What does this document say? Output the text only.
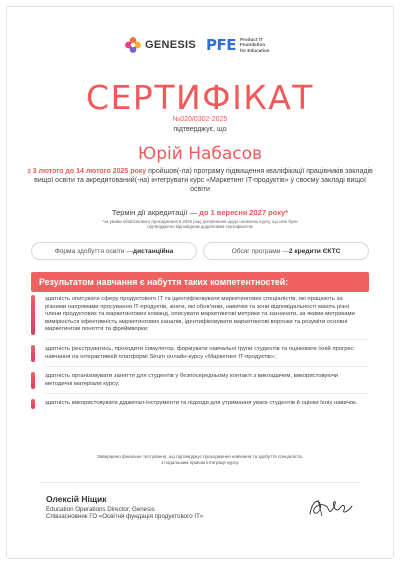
GENESIS PFE Product IT
Foundation
for Education
СЕРТИФІКАТ
№020/0302-2025
підтверджує, що
Юрій Набасов
з 3 лютого до 14 лютого 2025 року пройшов(-ла) програму підвищення кваліфікації працівників закладів вищої освіти та акредитований(-на) інтегрувати курс «Маркетинг IT-продуктів» у своєму закладі вищої освіти
Термін дії акредитації — до 1 вересня 2027 року*
*за умови обов'язкового проходження в 2026 році доповнення щодо оновлень курсу, що нею були підтверджено відповідним додатковим сертифікатом
Форма здобуття освіти — дистанційна	Обсяг програми — 2 кредити ЄКТС
Результатом навчання є набуття таких компетентностей:
здатність описувати сферу продуктового IT та ідентифіковувати маркетингових спеціалістів, які працюють за різними напрямами просування IT-продуктів, знати, які обов'язки, навички та зони відповідальності мають різні члени продуктових та маркетингових команд, описувати маркетингові метрики та зазначати, за якими метриками вимірюється ефективність маркетингових каналів, ідентифіковувати маркетингові воронки та розуміти основні маркетингові поняття та фреймворки;
здатність реєструватись, проходити симулятор, формувати навчальні групи студентів та оцінювати їхній прогрес навчання на інтерактивній платформі Strum онлайн-курсу «Маркетинг IT-продуктів»;
здатність організовувати заняття для студентів у безпосередньому контакті з викладачем, використовуючи методичні матеріали курсу;
здатність використовувати діджитал-інструменти та підходи для утримання уваги студентів й оцінки їхніх навичок.
Завершено фінальне тестування, що підтверджує проходження навчання та здобуття спеціаліста,
з подальшим правом інтеграції курсу.
Олексій Ніщик
Education Operations Director, Genesis
Співзасновник ГО «Освітня фундація продуктового IT»
